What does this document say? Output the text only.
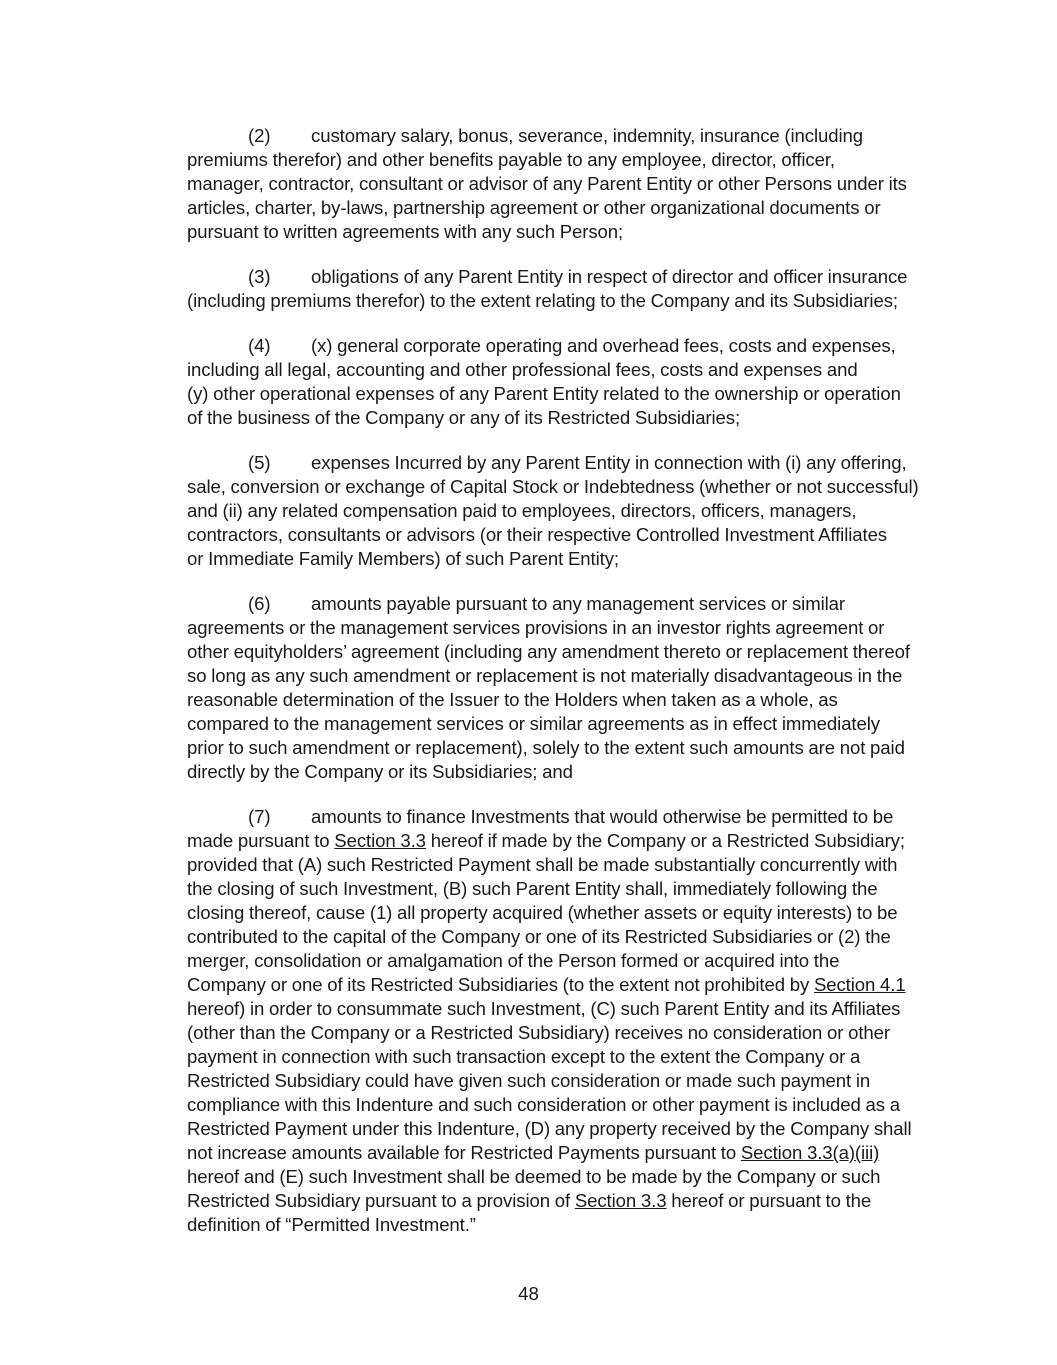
(2) customary salary, bonus, severance, indemnity, insurance (including
premiums therefor) and other benefits payable to any employee, director, officer,
manager, contractor, consultant or advisor of any Parent Entity or other Persons under its
articles, charter, by-laws, partnership agreement or other organizational documents or
pursuant to written agreements with any such Person;
(3) obligations of any Parent Entity in respect of director and officer insurance
(including premiums therefor) to the extent relating to the Company and its Subsidiaries;
(4) (x) general corporate operating and overhead fees, costs and expenses,
including all legal, accounting and other professional fees, costs and expenses and
(y) other operational expenses of any Parent Entity related to the ownership or operation
of the business of the Company or any of its Restricted Subsidiaries;
(5) expenses Incurred by any Parent Entity in connection with (i) any offering,
sale, conversion or exchange of Capital Stock or Indebtedness (whether or not successful)
and (ii) any related compensation paid to employees, directors, officers, managers,
contractors, consultants or advisors (or their respective Controlled Investment Affiliates
or Immediate Family Members) of such Parent Entity;
(6) amounts payable pursuant to any management services or similar
agreements or the management services provisions in an investor rights agreement or
other equityholders’ agreement (including any amendment thereto or replacement thereof
so long as any such amendment or replacement is not materially disadvantageous in the
reasonable determination of the Issuer to the Holders when taken as a whole, as
compared to the management services or similar agreements as in effect immediately
prior to such amendment or replacement), solely to the extent such amounts are not paid
directly by the Company or its Subsidiaries; and
(7) amounts to finance Investments that would otherwise be permitted to be
made pursuant to Section 3.3 hereof if made by the Company or a Restricted Subsidiary;
provided that (A) such Restricted Payment shall be made substantially concurrently with
the closing of such Investment, (B) such Parent Entity shall, immediately following the
closing thereof, cause (1) all property acquired (whether assets or equity interests) to be
contributed to the capital of the Company or one of its Restricted Subsidiaries or (2) the
merger, consolidation or amalgamation of the Person formed or acquired into the
Company or one of its Restricted Subsidiaries (to the extent not prohibited by Section 4.1
hereof) in order to consummate such Investment, (C) such Parent Entity and its Affiliates
(other than the Company or a Restricted Subsidiary) receives no consideration or other
payment in connection with such transaction except to the extent the Company or a
Restricted Subsidiary could have given such consideration or made such payment in
compliance with this Indenture and such consideration or other payment is included as a
Restricted Payment under this Indenture, (D) any property received by the Company shall
not increase amounts available for Restricted Payments pursuant to Section 3.3(a)(iii)
hereof and (E) such Investment shall be deemed to be made by the Company or such
Restricted Subsidiary pursuant to a provision of Section 3.3 hereof or pursuant to the
definition of “Permitted Investment.”
48
